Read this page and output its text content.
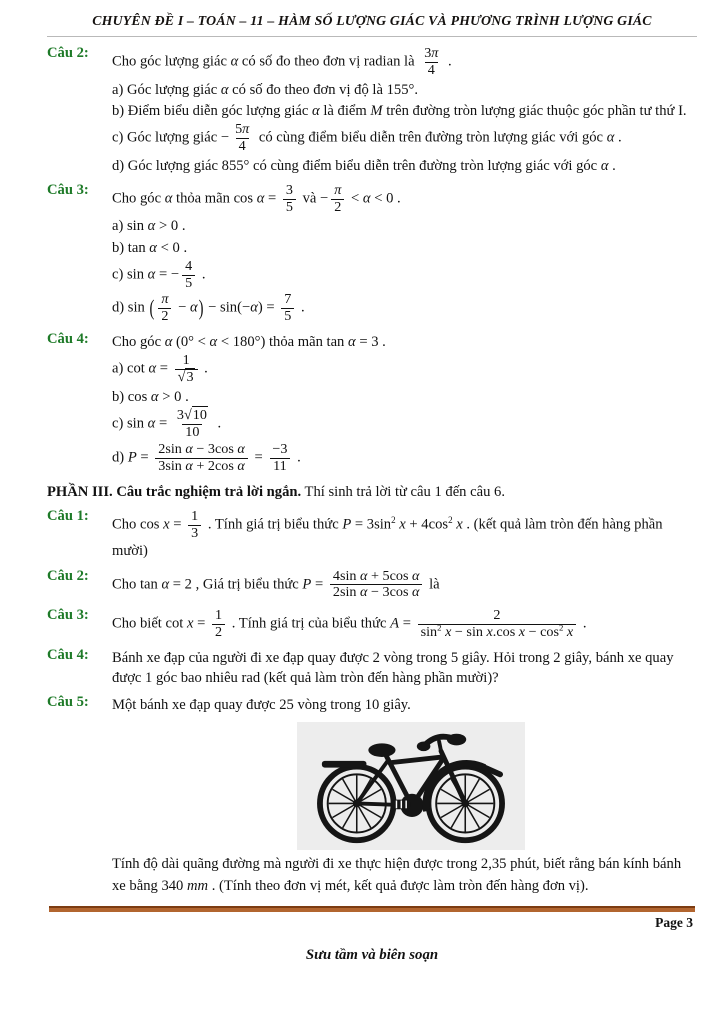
CHUYÊN ĐỀ I – TOÁN – 11 – HÀM SỐ LƯỢNG GIÁC VÀ PHƯƠNG TRÌNH LƯỢNG GIÁC
Câu 2:
Cho góc lượng giác α có số đo theo đơn vị radian là $\frac{3\pi}{4}$ .
a) Góc lượng giác α có số đo theo đơn vị độ là 155°.
b) Điểm biểu diễn góc lượng giác α là điểm M trên đường tròn lượng giác thuộc góc phần tư thứ I.
c) Góc lượng giác − $\frac{5\pi}{4}$ có cùng điểm biểu diễn trên đường tròn lượng giác với góc α .
d) Góc lượng giác 855° có cùng điểm biểu diễn trên đường tròn lượng giác với góc α .
Câu 3:
Cho góc α thỏa mãn $\cos \alpha = \frac{3}{5}$ và − $\frac{\pi}{2} < \alpha < 0$ .
a) sin α > 0 .
b) tan α < 0 .
c) sin α = − $\frac{4}{5}$ .
d) sin ( $\frac{\pi}{2} - \alpha) - \sin(-\alpha) = \frac{7}{5}$ .
Câu 4:	Cho góc α (0° < α < 180°) thỏa mãn tan α = 3 .
a) $\cot \alpha = \frac{1}{√3}$ .
b) cos α > 0 .
c) $\sin \alpha = \frac{3√10}{10}$ .
d) $P = \frac{\text{2sin α − 3cos α}}{\text{3sin α + 2cos α}} = \frac{-3}{11}$ .
PHẦN III. Câu trắc nghiệm trả lời ngắn. Thí sinh trả lời từ câu 1 đến câu 6.
Câu 1:
Cho $\cos x = \frac{1}{3}$ . Tính giá trị biểu thức $P = 3\sin^2$ $x + 4\cos^2$ x . (kết quả làm tròn đến hàng phần mười)
Câu 2:
Cho tan α = 2 , Giá trị biểu thức $P = \frac{\text{4sin α + 5cos α}}{\text{2sin α − 3cos α}}$ là
Câu 3:
Cho biết $\cot x = \frac{1}{2}$ . Tính giá trị của biểu thức $A = \frac{2}{\sin^2 x - \sin x.\cos x - \cos^2 x}$ .
Câu 4:	Bánh xe đạp của người đi xe đạp quay được 2 vòng trong 5 giây. Hỏi trong 2 giây, bánh xe quay được 1 góc bao nhiêu rad (kết quả làm tròn đến hàng phần mười)?
Câu 5:	Một bánh xe đạp quay được 25 vòng trong 10 giây.
Tính độ dài quãng đường mà người đi xe thực hiện được trong 2,35 phút, biết rằng bán kính bánh xe bằng 340 mm . (Tính theo đơn vị mét, kết quả được làm tròn đến hàng đơn vị).
Page 3
Sưu tầm và biên soạn
